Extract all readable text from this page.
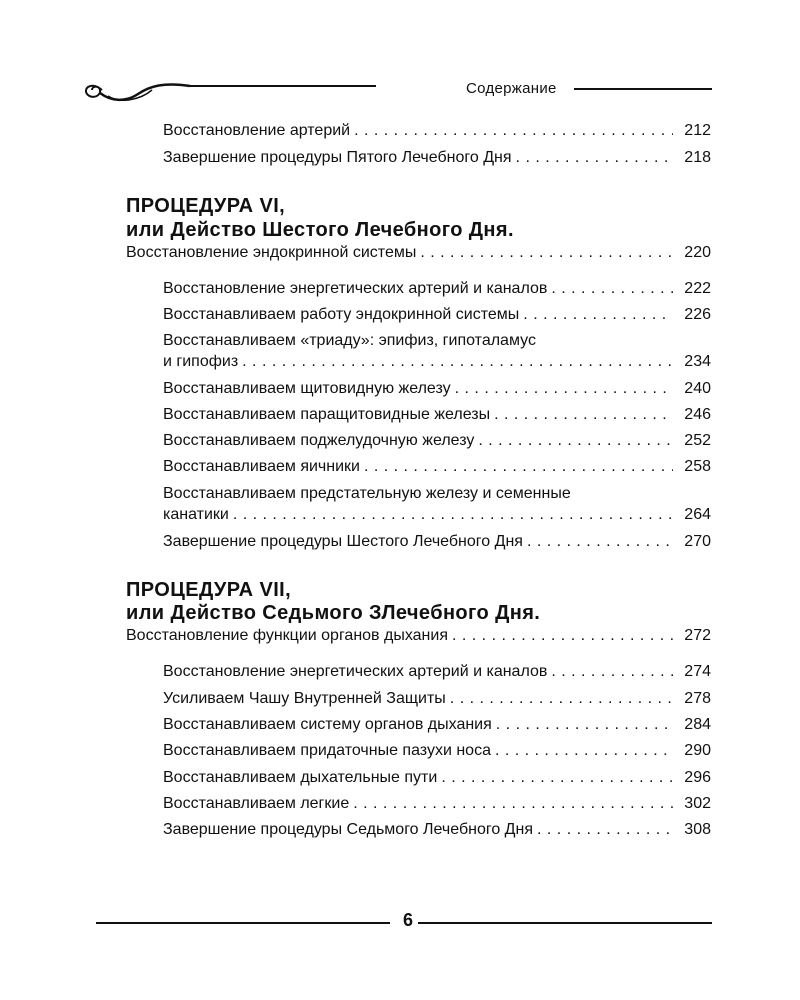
Содержание
Восстановление артерий . . .	212
Завершение процедуры Пятого Лечебного Дня . . .	218
ПРОЦЕДУРА VI,
или Действо Шестого Лечебного Дня.
Восстановление эндокринной системы . . .	220
Восстановление энергетических артерий и каналов . . .	222
Восстанавливаем работу эндокринной системы . . .	226
Восстанавливаем «триаду»: эпифиз, гипоталамус
и гипофиз . . .	234
Восстанавливаем щитовидную железу . . .	240
Восстанавливаем паращитовидные железы . . .	246
Восстанавливаем поджелудочную железу . . .	252
Восстанавливаем яичники . . .	258
Восстанавливаем предстательную железу и семенные
канатики . . .	264
Завершение процедуры Шестого Лечебного Дня . . .	270
ПРОЦЕДУРА VII,
или Действо Седьмого ЗЛечебного Дня.
Восстановление функции органов дыхания . . .	272
Восстановление энергетических артерий и каналов . . .	274
Усиливаем Чашу Внутренней Защиты . . .	278
Восстанавливаем систему органов дыхания . . .	284
Восстанавливаем придаточные пазухи носа . . .	290
Восстанавливаем дыхательные пути . . .	296
Восстанавливаем легкие . . .	302
Завершение процедуры Седьмого Лечебного Дня . . .	308
6
